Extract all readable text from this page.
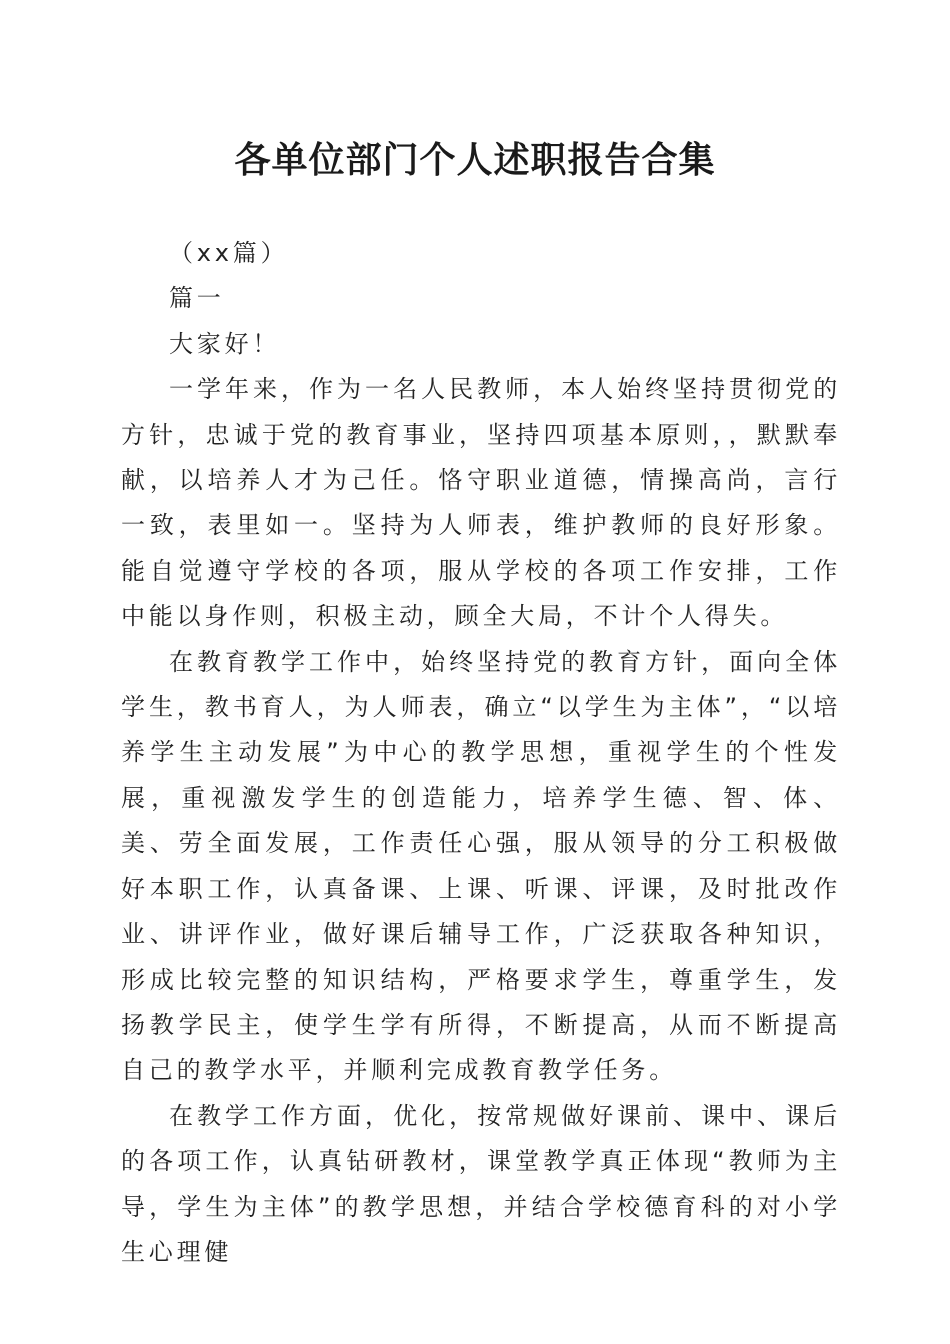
各单位部门个人述职报告合集

（xx篇）

篇一

大家好！

一学年来，作为一名人民教师，本人始终坚持贯彻党的方针，忠诚于党的教育事业，坚持四项基本原则，，默默奉献，以培养人才为己任。恪守职业道德，情操高尚，言行一致，表里如一。坚持为人师表，维护教师的良好形象。能自觉遵守学校的各项，服从学校的各项工作安排，工作中能以身作则，积极主动，顾全大局，不计个人得失。

在教育教学工作中，始终坚持党的教育方针，面向全体学生，教书育人，为人师表，确立“以学生为主体”，“以培养学生主动发展”为中心的教学思想，重视学生的个性发展，重视激发学生的创造能力，培养学生德、智、体、美、劳全面发展，工作责任心强，服从领导的分工积极做好本职工作，认真备课、上课、听课、评课，及时批改作业、讲评作业，做好课后辅导工作，广泛获取各种知识，形成比较完整的知识结构，严格要求学生，尊重学生，发扬教学民主，使学生学有所得，不断提高，从而不断提高自己的教学水平，并顺利完成教育教学任务。

在教学工作方面，优化，按常规做好课前、课中、课后的各项工作，认真钻研教材，课堂教学真正体现“教师为主导，学生为主体”的教学思想，并结合学校德育科的对小学生心理健
